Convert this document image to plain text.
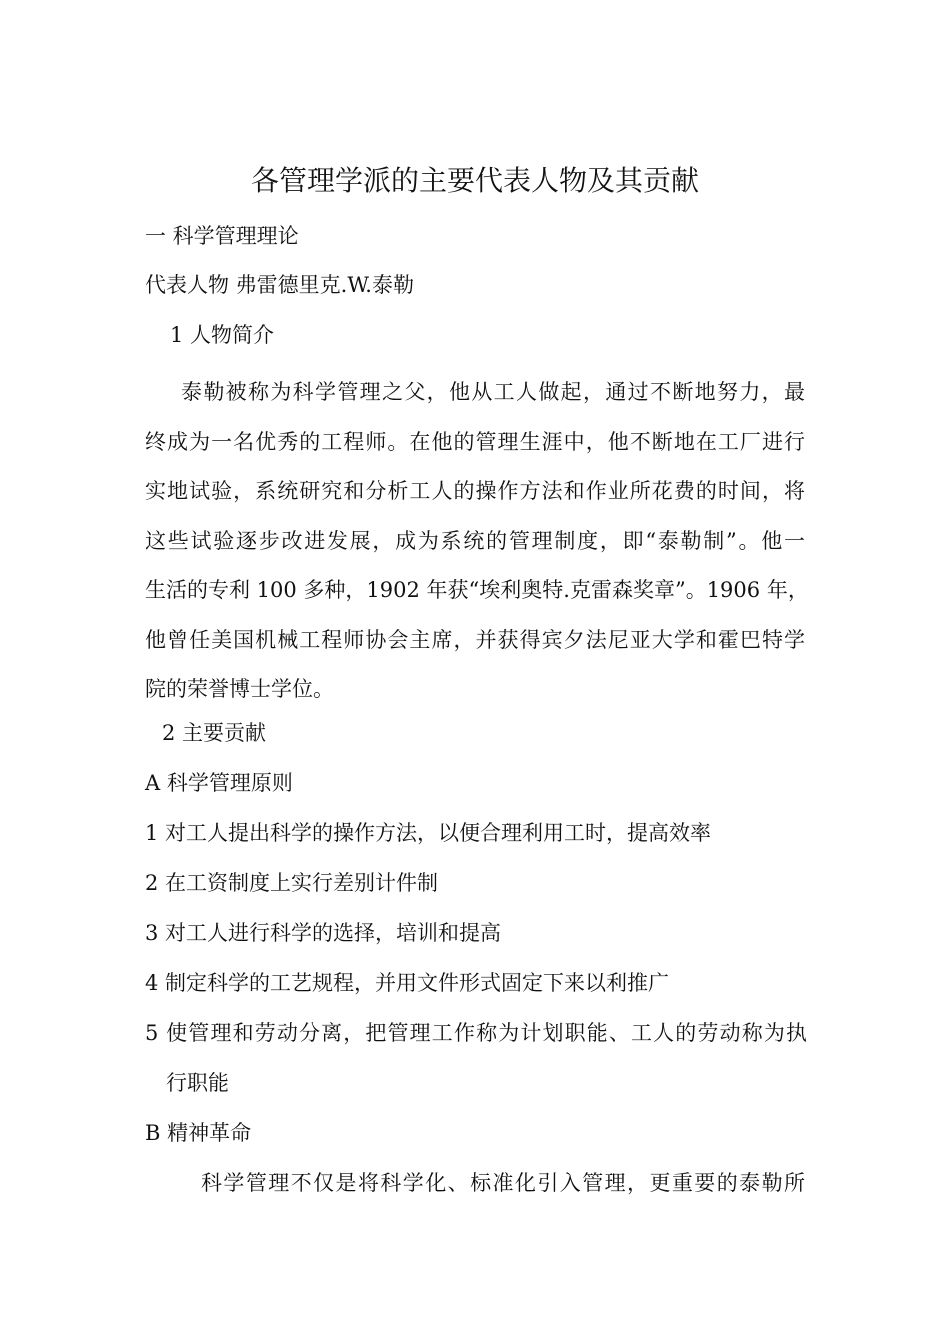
各管理学派的主要代表人物及其贡献
一 科学管理理论
代表人物 弗雷德里克.W.泰勒
1 人物简介
泰勒被称为科学管理之父，他从工人做起，通过不断地努力，最
终成为一名优秀的工程师。在他的管理生涯中，他不断地在工厂进行
实地试验，系统研究和分析工人的操作方法和作业所花费的时间，将
这些试验逐步改进发展，成为系统的管理制度，即“泰勒制”。他一
生活的专利 100 多种，1902 年获“埃利奥特.克雷森奖章”。1906 年，
他曾任美国机械工程师协会主席，并获得宾夕法尼亚大学和霍巴特学
院的荣誉博士学位。
2 主要贡献
A 科学管理原则
1 对工人提出科学的操作方法，以便合理利用工时，提高效率
2 在工资制度上实行差别计件制
3 对工人进行科学的选择，培训和提高
4 制定科学的工艺规程，并用文件形式固定下来以利推广
5 使管理和劳动分离，把管理工作称为计划职能、工人的劳动称为执
行职能
B 精神革命
科学管理不仅是将科学化、标准化引入管理，更重要的泰勒所
